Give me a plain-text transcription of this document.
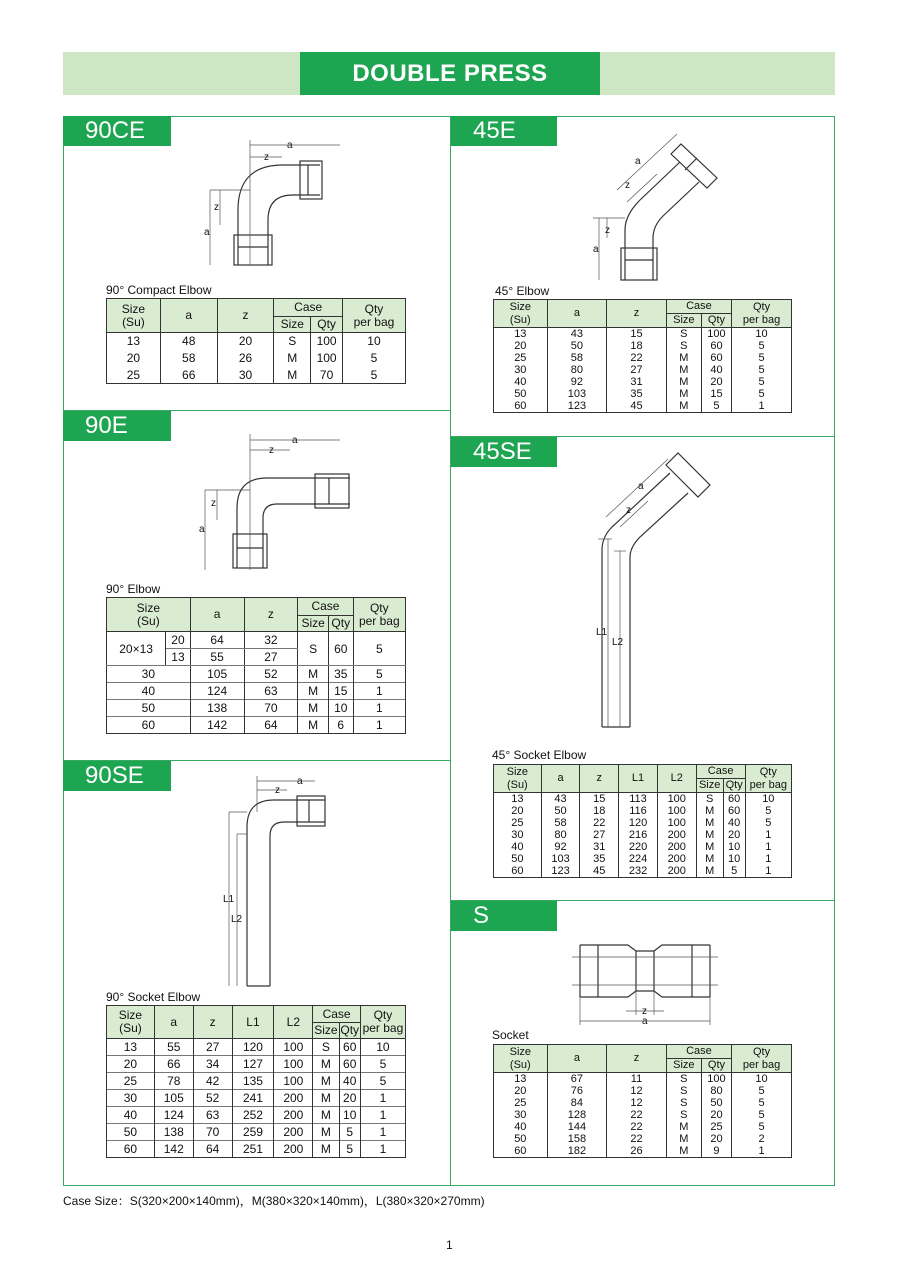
DOUBLE PRESS
90CE
a
z
z
a
90° Compact Elbow
Size
(Su)	a	z	Case		Qty
per bag
			Size	Qty	
13	48	20	S	100	10
20	58	26	M	100	5
25	66	30	M	70	5
90E
a
z
z
a
90° Elbow
Size
(Su)		a	z	Case		Qty
per bag
				Size	Qty	
20×13	20	64	32	S	60	5
	13	55	27			
30		105	52	M	35	5
40		124	63	M	15	1
50		138	70	M	10	1
60		142	64	M	6	1
90SE	a
z
L1
L2
90° Socket Elbow
Size
(Su)	a	z	L1	L2	Case		Qty
per bag
					Size	Qty	
13	55	27	120	100	S	60	10
20	66	34	127	100	M	60	5
25	78	42	135	100	M	40	5
30	105	52	241	200	M	20	1
40	124	63	252	200	M	10	1
50	138	70	259	200	M	5	1
60	142	64	251	200	M	5	1
45E
a
z
z
a
45° Elbow
Size
(Su)	a	z	Case		Qty
per bag
			Size	Qty	
13	43	15	S	100	10
20	50	18	S	60	5
25	58	22	M	60	5
30	80	27	M	40	5
40	92	31	M	20	5
50	103	35	M	15	5
60	123	45	M	5	1
45SE
a
z
L1
L2
45° Socket Elbow
Size
(Su)	a	z	L1	L2	Case		Qty
per bag
					Size	Qty	
13	43	15	113	100	S	60	10
20	50	18	116	100	M	60	5
25	58	22	120	100	M	40	5
30	80	27	216	200	M	20	1
40	92	31	220	200	M	10	1
50	103	35	224	200	M	10	1
60	123	45	232	200	M	5	1
S
z
a
Socket
Size
(Su)	a	z	Case		Qty
per bag
			Size	Qty	
13	67	11	S	100	10
20	76	12	S	80	5
25	84	12	S	50	5
30	128	22	S	20	5
40	144	22	M	25	5
50	158	22	M	20	2
60	182	26	M	9	1
Case Size：S(320×200×140mm)，M(380×320×140mm)，L(380×320×270mm)
1
